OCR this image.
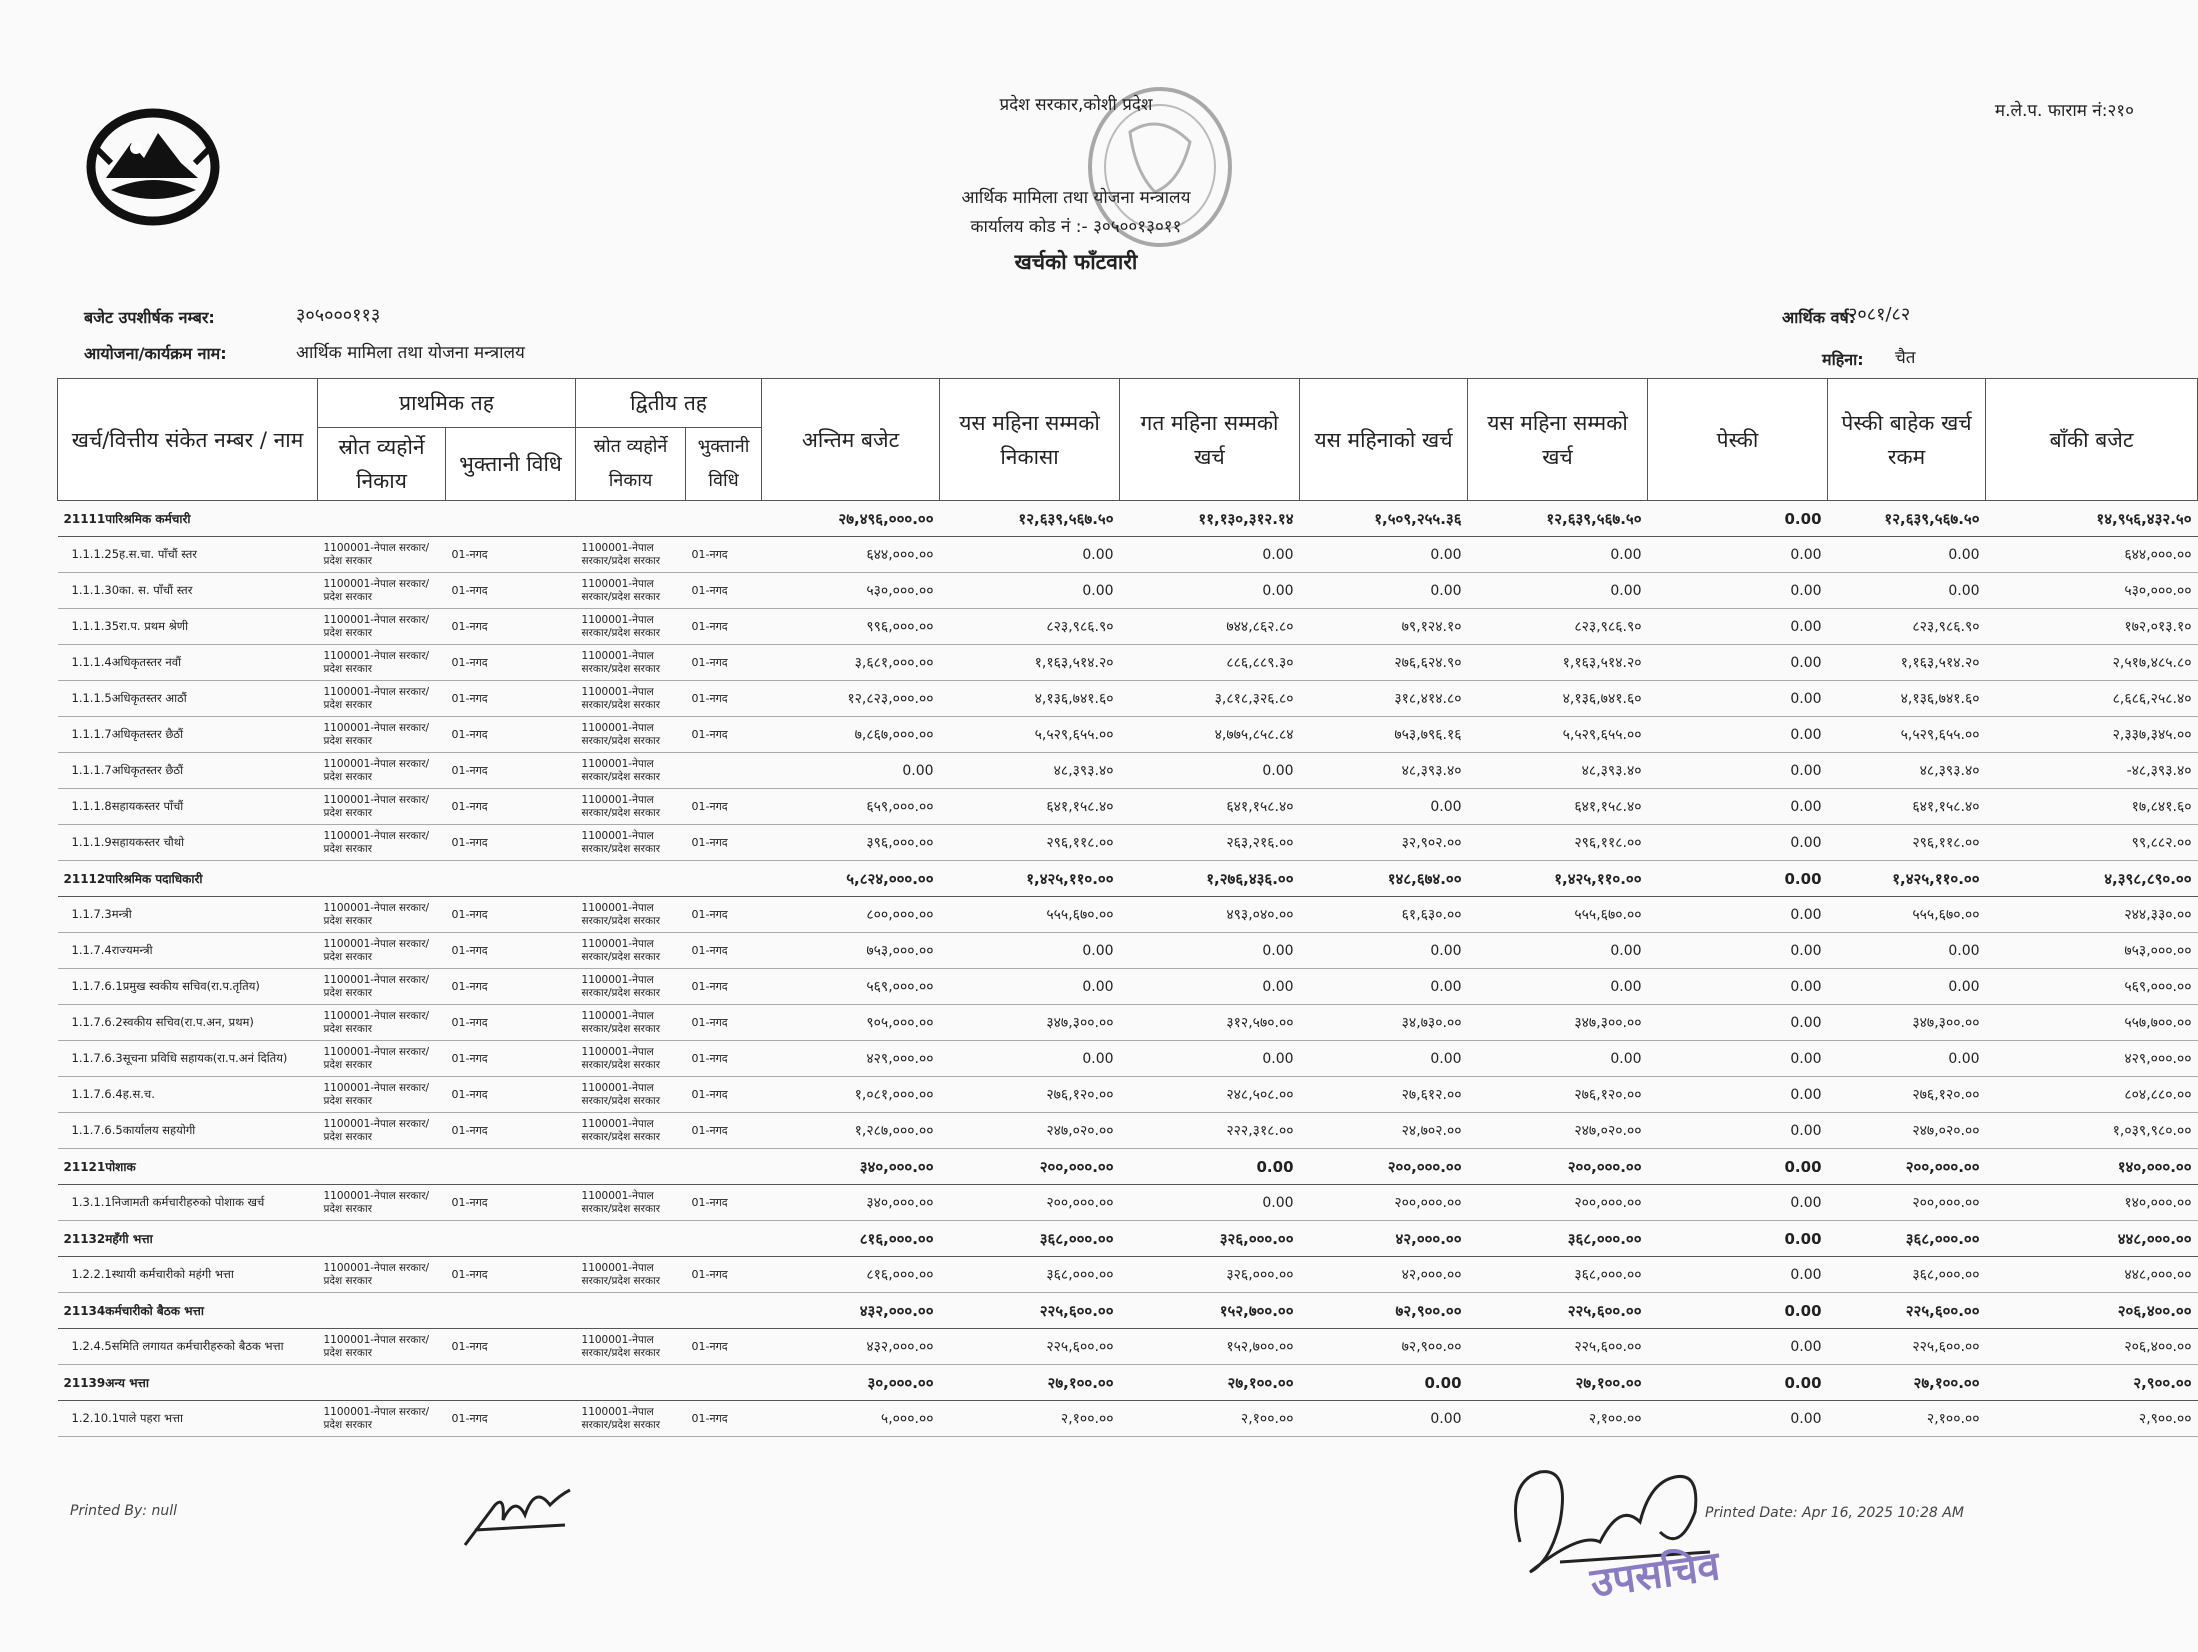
प्रदेश सरकार,कोशी प्रदेश
आर्थिक मामिला तथा योजना मन्त्रालय
कार्यालय कोड नं :- ३०५००१३०११
खर्चको फाँटवारी
म.ले.प. फाराम नं:२१०
बजेट उपशीर्षक नम्बर:	३०५०००११३
आयोजना/कार्यक्रम नाम:	आर्थिक मामिला तथा योजना मन्त्रालय
आर्थिक वर्ष:
२०८१/८२
महिना: चैत
खर्च/वित्तीय संकेत नम्बर / नाम	प्राथमिक तह		द्वितीय तह		अन्तिम बजेट	यस महिना सम्मको निकासा	गत महिना सम्मको खर्च	यस महिनाको खर्च	यस महिना सम्मको खर्च	पेस्की	पेस्की बाहेक खर्च रकम	बाँकी बजेट
	स्रोत व्यहोर्ने निकाय	भुक्तानी विधि	स्रोत व्यहोर्ने निकाय	भुक्तानी विधि								
21111पारिश्रमिक कर्मचारी					२७,४९६,०००.००	१२,६३९,५६७.५०	११,१३०,३१२.१४	१,५०९,२५५.३६	१२,६३९,५६७.५०	0.00	१२,६३९,५६७.५०	१४,९५६,४३२.५०
1.1.1.25ह.स.चा. पाँचौं स्तर	1100001-नेपाल सरकार/प्रदेश सरकार	01-नगद	1100001-नेपाल सरकार/प्रदेश सरकार	01-नगद	६४४,०००.००	0.00	0.00	0.00	0.00	0.00	0.00	६४४,०००.००
1.1.1.30का. स. पाँचौं स्तर	1100001-नेपाल सरकार/प्रदेश सरकार	01-नगद	1100001-नेपाल सरकार/प्रदेश सरकार	01-नगद	५३०,०००.००	0.00	0.00	0.00	0.00	0.00	0.00	५३०,०००.००
1.1.1.35रा.प. प्रथम श्रेणी	1100001-नेपाल सरकार/प्रदेश सरकार	01-नगद	1100001-नेपाल सरकार/प्रदेश सरकार	01-नगद	९९६,०००.००	८२३,९८६.९०	७४४,८६२.८०	७९,१२४.१०	८२३,९८६.९०	0.00	८२३,९८६.९०	१७२,०१३.१०
1.1.1.4अधिकृतस्तर नवौं	1100001-नेपाल सरकार/प्रदेश सरकार	01-नगद	1100001-नेपाल सरकार/प्रदेश सरकार	01-नगद	३,६८१,०००.००	१,१६३,५१४.२०	८८६,८८९.३०	२७६,६२४.९०	१,१६३,५१४.२०	0.00	१,१६३,५१४.२०	२,५१७,४८५.८०
1.1.1.5अधिकृतस्तर आठौं	1100001-नेपाल सरकार/प्रदेश सरकार	01-नगद	1100001-नेपाल सरकार/प्रदेश सरकार	01-नगद	१२,८२३,०००.००	४,१३६,७४१.६०	३,८१८,३२६.८०	३१८,४१४.८०	४,१३६,७४१.६०	0.00	४,१३६,७४१.६०	८,६८६,२५८.४०
1.1.1.7अधिकृतस्तर छैठौं	1100001-नेपाल सरकार/प्रदेश सरकार	01-नगद	1100001-नेपाल सरकार/प्रदेश सरकार	01-नगद	७,८६७,०००.००	५,५२९,६५५.००	४,७७५,८५८.८४	७५३,७९६.१६	५,५२९,६५५.००	0.00	५,५२९,६५५.००	२,३३७,३४५.००
1.1.1.7अधिकृतस्तर छैठौं	1100001-नेपाल सरकार/प्रदेश सरकार	01-नगद	1100001-नेपाल सरकार/प्रदेश सरकार		0.00	४८,३९३.४०	0.00	४८,३९३.४०	४८,३९३.४०	0.00	४८,३९३.४०	-४८,३९३.४०
1.1.1.8सहायकस्तर पाँचौं	1100001-नेपाल सरकार/प्रदेश सरकार	01-नगद	1100001-नेपाल सरकार/प्रदेश सरकार	01-नगद	६५९,०००.००	६४१,१५८.४०	६४१,१५८.४०	0.00	६४१,१५८.४०	0.00	६४१,१५८.४०	१७,८४१.६०
1.1.1.9सहायकस्तर चौथो	1100001-नेपाल सरकार/प्रदेश सरकार	01-नगद	1100001-नेपाल सरकार/प्रदेश सरकार	01-नगद	३९६,०००.००	२९६,११८.००	२६३,२१६.००	३२,९०२.००	२९६,११८.००	0.00	२९६,११८.००	९९,८८२.००
21112पारिश्रमिक पदाधिकारी					५,८२४,०००.००	१,४२५,११०.००	१,२७६,४३६.००	१४८,६७४.००	१,४२५,११०.००	0.00	१,४२५,११०.००	४,३९८,८९०.००
1.1.7.3मन्त्री	1100001-नेपाल सरकार/प्रदेश सरकार	01-नगद	1100001-नेपाल सरकार/प्रदेश सरकार	01-नगद	८००,०००.००	५५५,६७०.००	४९३,०४०.००	६१,६३०.००	५५५,६७०.००	0.00	५५५,६७०.००	२४४,३३०.००
1.1.7.4राज्यमन्त्री	1100001-नेपाल सरकार/प्रदेश सरकार	01-नगद	1100001-नेपाल सरकार/प्रदेश सरकार	01-नगद	७५३,०००.००	0.00	0.00	0.00	0.00	0.00	0.00	७५३,०००.००
1.1.7.6.1प्रमुख स्वकीय सचिव(रा.प.तृतिय)	1100001-नेपाल सरकार/प्रदेश सरकार	01-नगद	1100001-नेपाल सरकार/प्रदेश सरकार	01-नगद	५६९,०००.००	0.00	0.00	0.00	0.00	0.00	0.00	५६९,०००.००
1.1.7.6.2स्वकीय सचिव(रा.प.अन, प्रथम)	1100001-नेपाल सरकार/प्रदेश सरकार	01-नगद	1100001-नेपाल सरकार/प्रदेश सरकार	01-नगद	९०५,०००.००	३४७,३००.००	३१२,५७०.००	३४,७३०.००	३४७,३००.००	0.00	३४७,३००.००	५५७,७००.००
1.1.7.6.3सूचना प्रविधि सहायक(रा.प.अनं दितिय)	1100001-नेपाल सरकार/प्रदेश सरकार	01-नगद	1100001-नेपाल सरकार/प्रदेश सरकार	01-नगद	४२९,०००.००	0.00	0.00	0.00	0.00	0.00	0.00	४२९,०००.००
1.1.7.6.4ह.स.च.	1100001-नेपाल सरकार/प्रदेश सरकार	01-नगद	1100001-नेपाल सरकार/प्रदेश सरकार	01-नगद	१,०८१,०००.००	२७६,१२०.००	२४८,५०८.००	२७,६१२.००	२७६,१२०.००	0.00	२७६,१२०.००	८०४,८८०.००
1.1.7.6.5कार्यालय सहयोगी	1100001-नेपाल सरकार/प्रदेश सरकार	01-नगद	1100001-नेपाल सरकार/प्रदेश सरकार	01-नगद	१,२८७,०००.००	२४७,०२०.००	२२२,३१८.००	२४,७०२.००	२४७,०२०.००	0.00	२४७,०२०.००	१,०३९,९८०.००
21121पोशाक					३४०,०००.००	२००,०००.००	0.00	२००,०००.००	२००,०००.००	0.00	२००,०००.००	१४०,०००.००
1.3.1.1निजामती कर्मचारीहरुको पोशाक खर्च	1100001-नेपाल सरकार/प्रदेश सरकार	01-नगद	1100001-नेपाल सरकार/प्रदेश सरकार	01-नगद	३४०,०००.००	२००,०००.००	0.00	२००,०००.००	२००,०००.००	0.00	२००,०००.००	१४०,०००.००
21132महँगी भत्ता					८१६,०००.००	३६८,०००.००	३२६,०००.००	४२,०००.००	३६८,०००.००	0.00	३६८,०००.००	४४८,०००.००
1.2.2.1स्थायी कर्मचारीको महंगी भत्ता	1100001-नेपाल सरकार/प्रदेश सरकार	01-नगद	1100001-नेपाल सरकार/प्रदेश सरकार	01-नगद	८१६,०००.००	३६८,०००.००	३२६,०००.००	४२,०००.००	३६८,०००.००	0.00	३६८,०००.००	४४८,०००.००
21134कर्मचारीको बैठक भत्ता					४३२,०००.००	२२५,६००.००	१५२,७००.००	७२,९००.००	२२५,६००.००	0.00	२२५,६००.००	२०६,४००.००
1.2.4.5समिति लगायत कर्मचारीहरुको बैठक भत्ता	1100001-नेपाल सरकार/प्रदेश सरकार	01-नगद	1100001-नेपाल सरकार/प्रदेश सरकार	01-नगद	४३२,०००.००	२२५,६००.००	१५२,७००.००	७२,९००.००	२२५,६००.००	0.00	२२५,६००.००	२०६,४००.००
21139अन्य भत्ता					३०,०००.००	२७,१००.००	२७,१००.००	0.00	२७,१००.००	0.00	२७,१००.००	२,९००.००
1.2.10.1पाले पहरा भत्ता	1100001-नेपाल सरकार/प्रदेश सरकार	01-नगद	1100001-नेपाल सरकार/प्रदेश सरकार	01-नगद	५,०००.००	२,१००.००	२,१००.००	0.00	२,१००.००	0.00	२,१००.००	२,९००.००
Printed By: null	Printed Date: Apr 16, 2025 10:28 AM
उपसचिव
